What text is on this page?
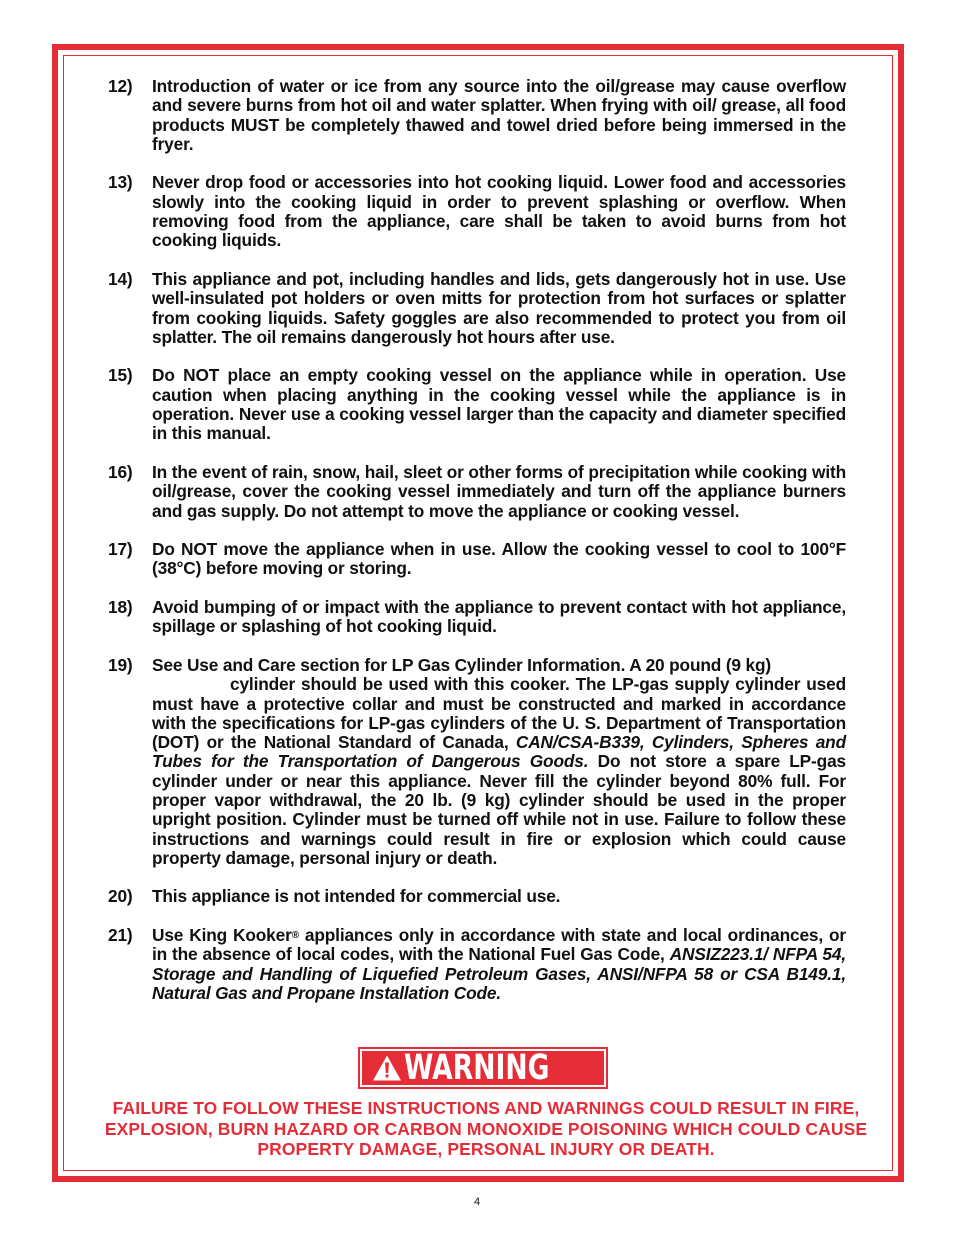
12)	Introduction of water or ice from any source into the oil/grease may cause overflow and severe burns from hot oil and water splatter. When frying with oil/ grease, all food products MUST be completely thawed and towel dried before being immersed in the fryer.
13)	Never drop food or accessories into hot cooking liquid. Lower food and accessories slowly into the cooking liquid in order to prevent splashing or overflow. When removing food from the appliance, care shall be taken to avoid burns from hot cooking liquids.
14)	This appliance and pot, including handles and lids, gets dangerously hot in use. Use well-insulated pot holders or oven mitts for protection from hot surfaces or splatter from cooking liquids. Safety goggles are also recommended to protect you from oil splatter. The oil remains dangerously hot hours after use.
15)	Do NOT place an empty cooking vessel on the appliance while in operation. Use caution when placing anything in the cooking vessel while the appliance is in operation. Never use a cooking vessel larger than the capacity and diameter specified in this manual.
16)	In the event of rain, snow, hail, sleet or other forms of precipitation while cooking with oil/grease, cover the cooking vessel immediately and turn off the appliance burners and gas supply. Do not attempt to move the appliance or cooking vessel.
17)	Do NOT move the appliance when in use. Allow the cooking vessel to cool to 100°F (38°C) before moving or storing.
18)	Avoid bumping of or impact with the appliance to prevent contact with hot appliance, spillage or splashing of hot cooking liquid.
19)	See Use and Care section for LP Gas Cylinder Information. A 20 pound (9 kg)
cylinder should be used with this cooker. The LP-gas supply cylinder used must have a protective collar and must be constructed and marked in accordance with the specifications for LP-gas cylinders of the U. S. Department of Transportation (DOT) or the National Standard of Canada, CAN/CSA-B339, Cylinders, Spheres and Tubes for the Transportation of Dangerous Goods. Do not store a spare LP-gas cylinder under or near this appliance. Never fill the cylinder beyond 80% full. For proper vapor withdrawal, the 20 lb. (9 kg) cylinder should be used in the proper upright position. Cylinder must be turned off while not in use. Failure to follow these instructions and warnings could result in fire or explosion which could cause property damage, personal injury or death.
20)	This appliance is not intended for commercial use.
21)	Use King Kooker® appliances only in accordance with state and local ordinances, or in the absence of local codes, with the National Fuel Gas Code, ANSIZ223.1/ NFPA 54, Storage and Handling of Liquefied Petroleum Gases, ANSI/NFPA 58 or CSA B149.1, Natural Gas and Propane Installation Code.
WARNING
FAILURE TO FOLLOW THESE INSTRUCTIONS AND WARNINGS COULD RESULT IN FIRE, EXPLOSION, BURN HAZARD OR CARBON MONOXIDE POISONING WHICH COULD CAUSE PROPERTY DAMAGE, PERSONAL INJURY OR DEATH.
4
